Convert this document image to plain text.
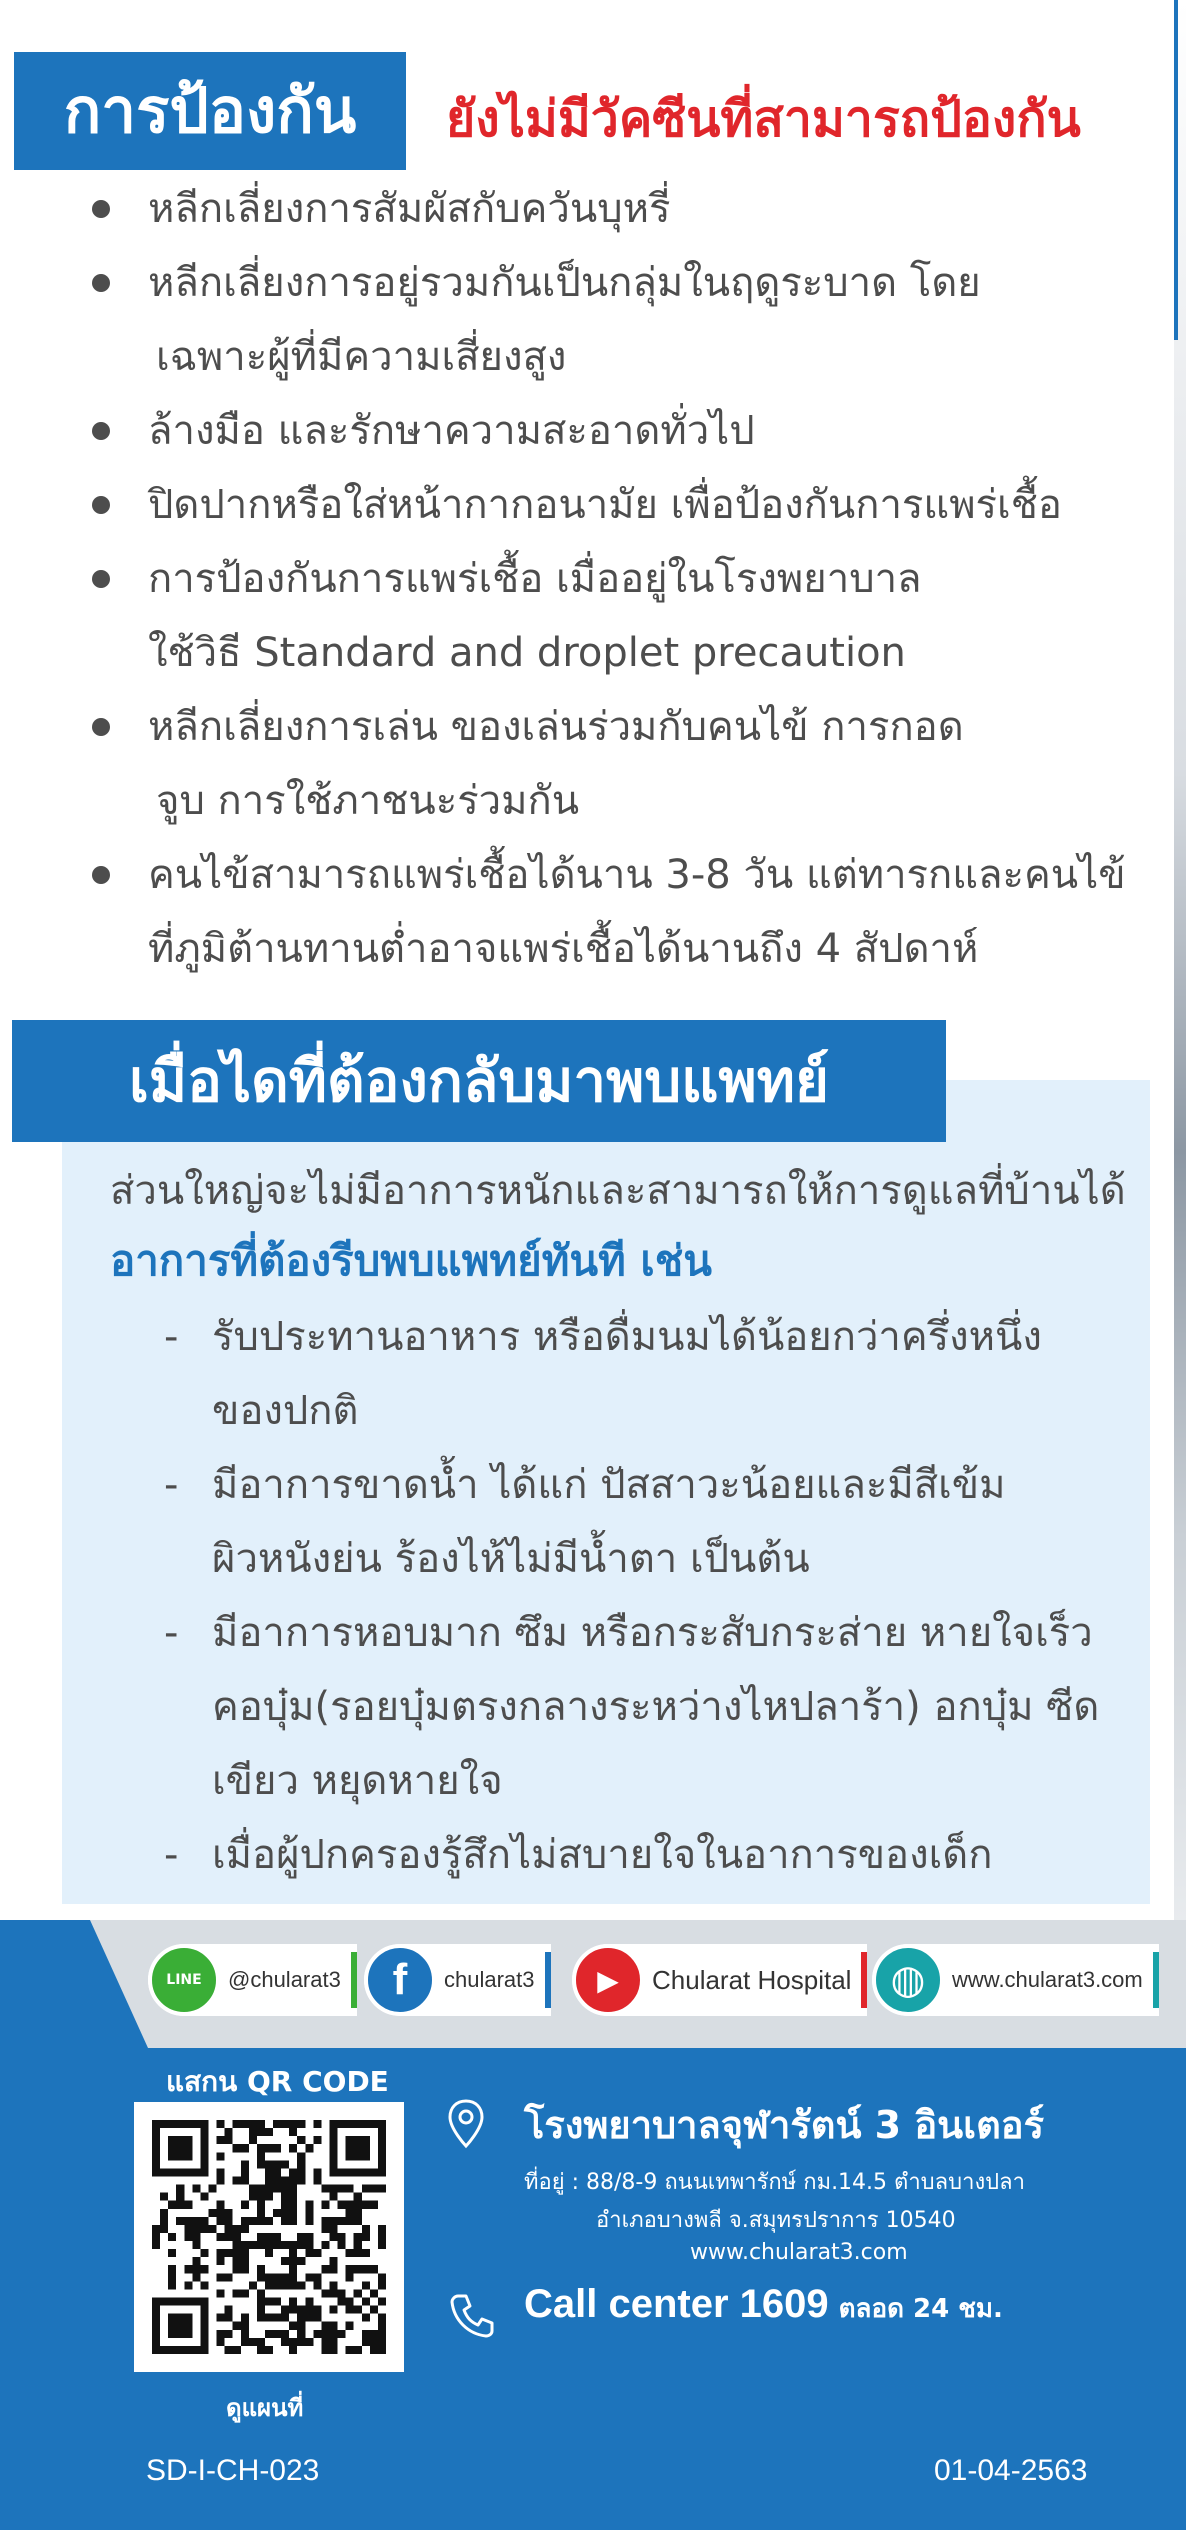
การป้องกัน	ยังไม่มีวัคซีนที่สามารถป้องกัน
หลีกเลี่ยงการสัมผัสกับควันบุหรี่
หลีกเลี่ยงการอยู่รวมกันเป็นกลุ่มในฤดูระบาด โดย
เฉพาะผู้ที่มีความเสี่ยงสูง
ล้างมือ และรักษาความสะอาดทั่วไป
ปิดปากหรือใส่หน้ากากอนามัย เพื่อป้องกันการแพร่เชื้อ
การป้องกันการแพร่เชื้อ เมื่ออยู่ในโรงพยาบาล
ใช้วิธี Standard and droplet precaution
หลีกเลี่ยงการเล่น ของเล่นร่วมกับคนไข้ การกอด
จูบ การใช้ภาชนะร่วมกัน
คนไข้สามารถแพร่เชื้อได้นาน 3-8 วัน แต่ทารกและคนไข้
ที่ภูมิต้านทานต่ำอาจแพร่เชื้อได้นานถึง 4 สัปดาห์
เมื่อไดที่ต้องกลับมาพบแพทย์
ส่วนใหญ่จะไม่มีอาการหนักและสามารถให้การดูแลที่บ้านได้
อาการที่ต้องรีบพบแพทย์ทันที เช่น
- รับประทานอาหาร หรือดื่มนมได้น้อยกว่าครึ่งหนึ่ง
ของปกติ
- มีอาการขาดน้ำ ได้แก่ ปัสสาวะน้อยและมีสีเข้ม
ผิวหนังย่น ร้องไห้ไม่มีน้ำตา เป็นต้น
- มีอาการหอบมาก ซึม หรือกระสับกระส่าย หายใจเร็ว
คอบุ๋ม(รอยบุ๋มตรงกลางระหว่างไหปลาร้า) อกบุ๋ม ซีด
เขียว หยุดหายใจ
- เมื่อผู้ปกครองรู้สึกไม่สบายใจในอาการของเด็ก
LINE	@chularat3	f	chularat3	▶	Chularat Hospital ◍	www.chularat3.com
แสกน QR CODE
ดูแผนที่
โรงพยาบาลจุฬารัตน์ 3 อินเตอร์
ที่อยู่ : 88/8-9 ถนนเทพารักษ์ กม.14.5 ตำบลบางปลา
อำเภอบางพลี จ.สมุทรปราการ 10540
www.chularat3.com
Call center 1609 ตลอด 24 ชม.
SD-I-CH-023	01-04-2563
